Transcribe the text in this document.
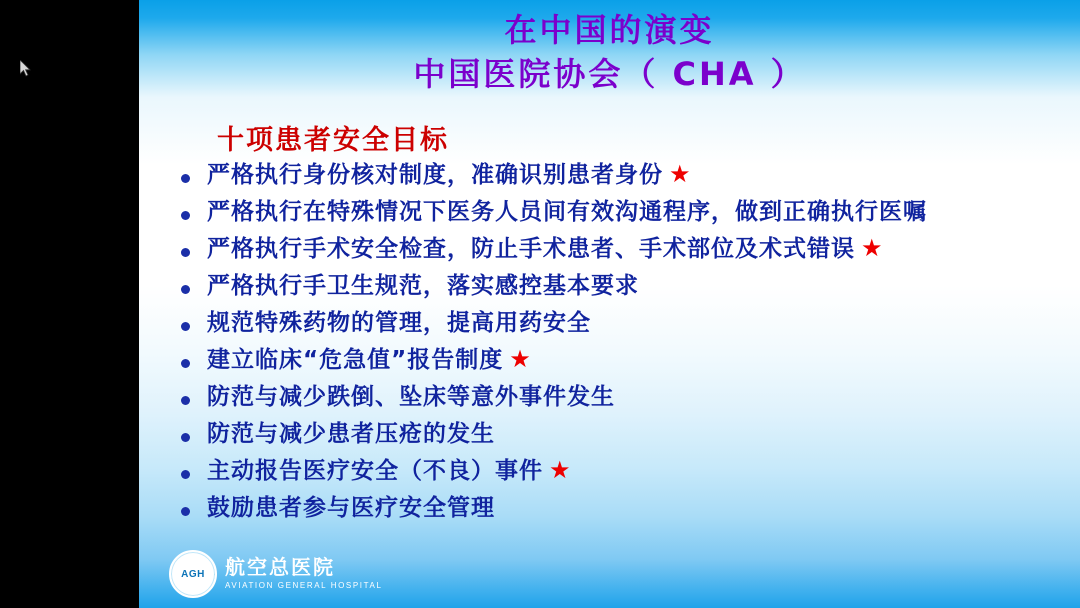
在中国的演变
中国医院协会（ CHA ）
十项患者安全目标
严格执行身份核对制度，准确识别患者身份 ★
严格执行在特殊情况下医务人员间有效沟通程序，做到正确执行医嘱
严格执行手术安全检查，防止手术患者、手术部位及术式错误 ★
严格执行手卫生规范，落实感控基本要求
规范特殊药物的管理，提高用药安全
建立临床“危急值”报告制度 ★
防范与减少跌倒、坠床等意外事件发生
防范与减少患者压疮的发生
主动报告医疗安全（不良）事件 ★
鼓励患者参与医疗安全管理
AGH 航空总医院
AVIATION GENERAL HOSPITAL
